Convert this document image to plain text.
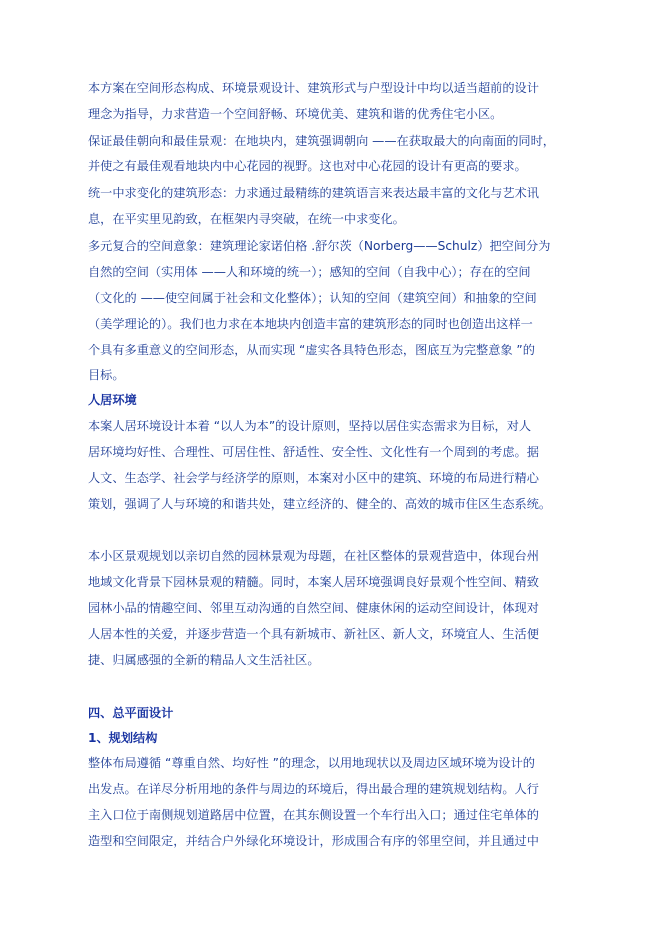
本方案在空间形态构成、环境景观设计、建筑形式与户型设计中均以适当超前的设计
理念为指导，力求营造一个空间舒畅、环境优美、建筑和谐的优秀住宅小区。
保证最佳朝向和最佳景观：在地块内，建筑强调朝向 ——在获取最大的向南面的同时，
并使之有最佳观看地块内中心花园的视野。这也对中心花园的设计有更高的要求。
统一中求变化的建筑形态：力求通过最精练的建筑语言来表达最丰富的文化与艺术讯
息，在平实里见韵致，在框架内寻突破，在统一中求变化。
多元复合的空间意象：建筑理论家诺伯格 .舒尔茨（Norberg——Schulz）把空间分为
自然的空间（实用体 ——人和环境的统一）；感知的空间（自我中心）；存在的空间
（文化的 ——使空间属于社会和文化整体）；认知的空间（建筑空间）和抽象的空间
（美学理论的）。我们也力求在本地块内创造丰富的建筑形态的同时也创造出这样一
个具有多重意义的空间形态，从而实现 “虚实各具特色形态，图底互为完整意象 ”的
目标。
人居环境
本案人居环境设计本着 “以人为本”的设计原则，坚持以居住实态需求为目标，对人
居环境均好性、合理性、可居住性、舒适性、安全性、文化性有一个周到的考虑。据
人文、生态学、社会学与经济学的原则，本案对小区中的建筑、环境的布局进行精心
策划，强调了人与环境的和谐共处，建立经济的、健全的、高效的城市住区生态系统。
本小区景观规划以亲切自然的园林景观为母题，在社区整体的景观营造中，体现台州
地域文化背景下园林景观的精髓。同时，本案人居环境强调良好景观个性空间、精致
园林小品的情趣空间、邻里互动沟通的自然空间、健康休闲的运动空间设计，体现对
人居本性的关爱，并逐步营造一个具有新城市、新社区、新人文，环境宜人、生活便
捷、归属感强的全新的精品人文生活社区。
四、总平面设计
1、规划结构
整体布局遵循 “尊重自然、均好性 ”的理念，以用地现状以及周边区域环境为设计的
出发点。在详尽分析用地的条件与周边的环境后，得出最合理的建筑规划结构。人行
主入口位于南侧规划道路居中位置，在其东侧设置一个车行出入口；通过住宅单体的
造型和空间限定，并结合户外绿化环境设计，形成围合有序的邻里空间，并且通过中
